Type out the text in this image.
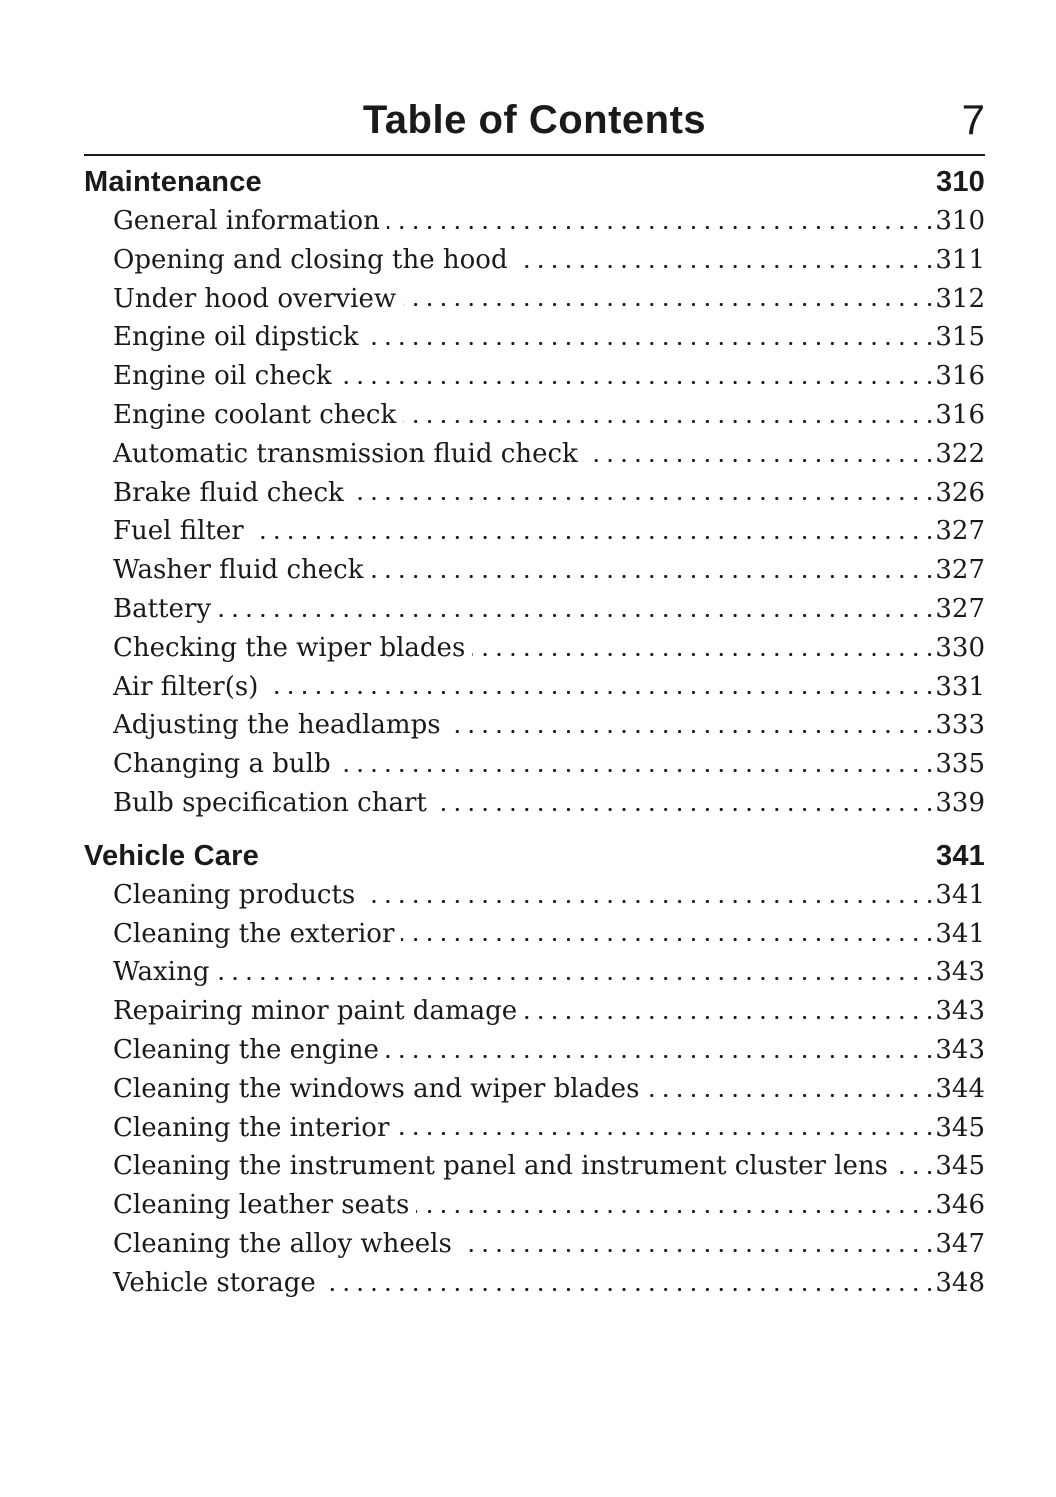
Table of Contents	7
Maintenance	310
General information	310
Opening and closing the hood	311
Under hood overview	312
Engine oil dipstick	315
Engine oil check	316
Engine coolant check	316
Automatic transmission fluid check	322
Brake fluid check	326
Fuel filter	327
Washer fluid check	327
Battery	327
Checking the wiper blades	330
Air filter(s)	331
Adjusting the headlamps	333
Changing a bulb	335
Bulb specification chart	339
Vehicle Care	341
Cleaning products	341
Cleaning the exterior	341
Waxing	343
Repairing minor paint damage	343
Cleaning the engine	343
Cleaning the windows and wiper blades	344
Cleaning the interior	345
Cleaning the instrument panel and instrument cluster lens 345
Cleaning leather seats	346
Cleaning the alloy wheels	347
Vehicle storage	348
